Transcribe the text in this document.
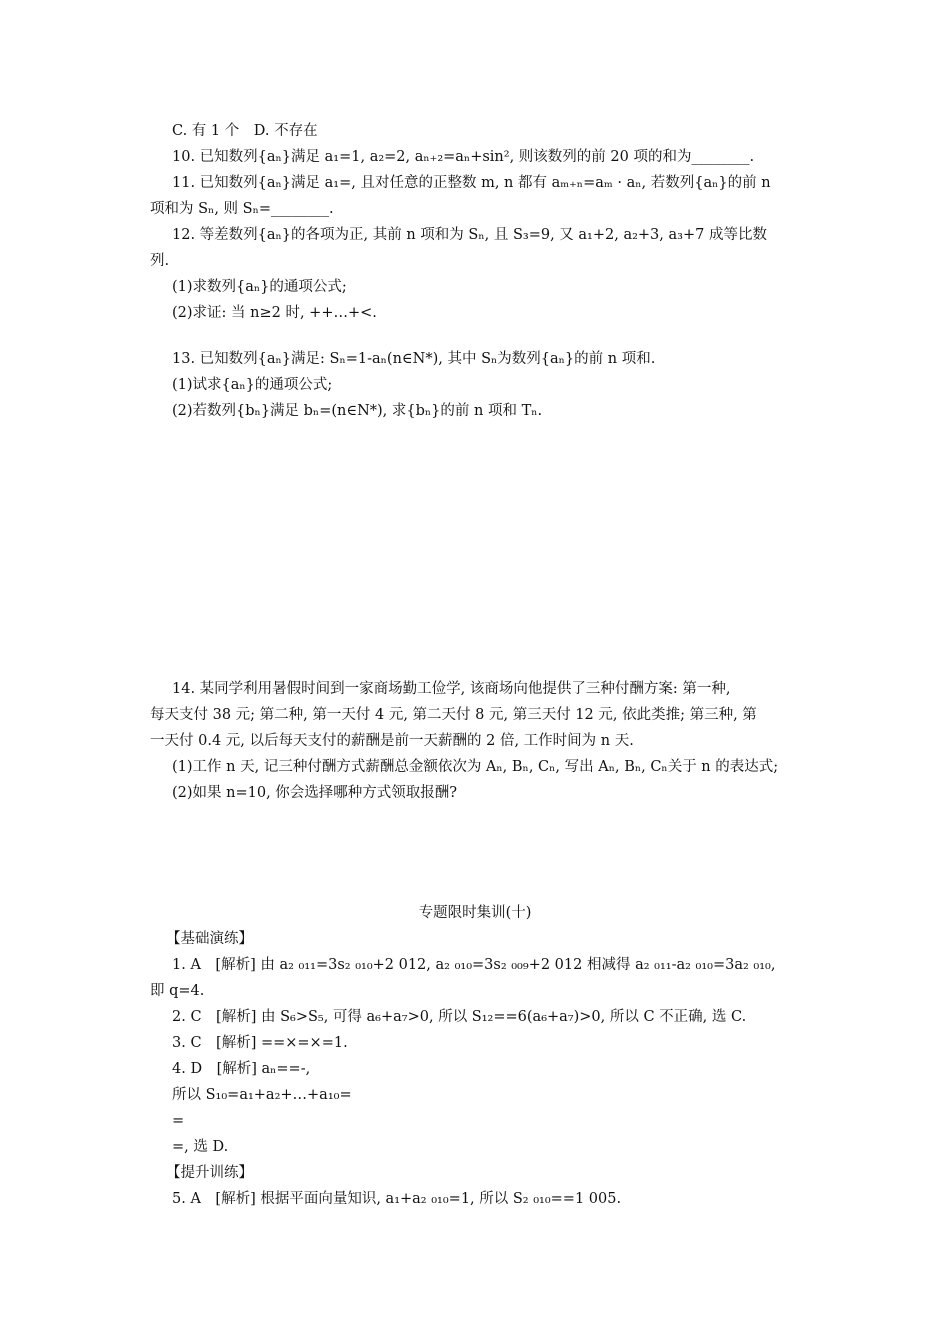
C. 有 1 个　D. 不存在
10. 已知数列{aₙ}满足 a₁=1, a₂=2, aₙ₊₂=aₙ+sin², 则该数列的前 20 项的和为________.
11. 已知数列{aₙ}满足 a₁=, 且对任意的正整数 m, n 都有 aₘ₊ₙ=aₘ · aₙ, 若数列{aₙ}的前 n
项和为 Sₙ, 则 Sₙ=________.
12. 等差数列{aₙ}的各项为正, 其前 n 项和为 Sₙ, 且 S₃=9, 又 a₁+2, a₂+3, a₃+7 成等比数
列.
(1)求数列{aₙ}的通项公式;
(2)求证: 当 n≥2 时, ++…+<.
13. 已知数列{aₙ}满足: Sₙ=1-aₙ(n∈N*), 其中 Sₙ为数列{aₙ}的前 n 项和.
(1)试求{aₙ}的通项公式;
(2)若数列{bₙ}满足 bₙ=(n∈N*), 求{bₙ}的前 n 项和 Tₙ.
14. 某同学利用暑假时间到一家商场勤工俭学, 该商场向他提供了三种付酬方案: 第一种,
每天支付 38 元; 第二种, 第一天付 4 元, 第二天付 8 元, 第三天付 12 元, 依此类推; 第三种, 第
一天付 0.4 元, 以后每天支付的薪酬是前一天薪酬的 2 倍, 工作时间为 n 天.
(1)工作 n 天, 记三种付酬方式薪酬总金额依次为 Aₙ, Bₙ, Cₙ, 写出 Aₙ, Bₙ, Cₙ关于 n 的表达式;
(2)如果 n=10, 你会选择哪种方式领取报酬?
专题限时集训(十)
【基础演练】
1. A　[解析] 由 a₂ ₀₁₁=3s₂ ₀₁₀+2 012, a₂ ₀₁₀=3s₂ ₀₀₉+2 012 相减得 a₂ ₀₁₁-a₂ ₀₁₀=3a₂ ₀₁₀,
即 q=4.
2. C　[解析] 由 S₆>S₅, 可得 a₆+a₇>0, 所以 S₁₂==6(a₆+a₇)>0, 所以 C 不正确, 选 C.
3. C　[解析] ==×=×=1.
4. D　[解析] aₙ==-,
所以 S₁₀=a₁+a₂+…+a₁₀=
=
=, 选 D.
【提升训练】
5. A　[解析] 根据平面向量知识, a₁+a₂ ₀₁₀=1, 所以 S₂ ₀₁₀==1 005.
